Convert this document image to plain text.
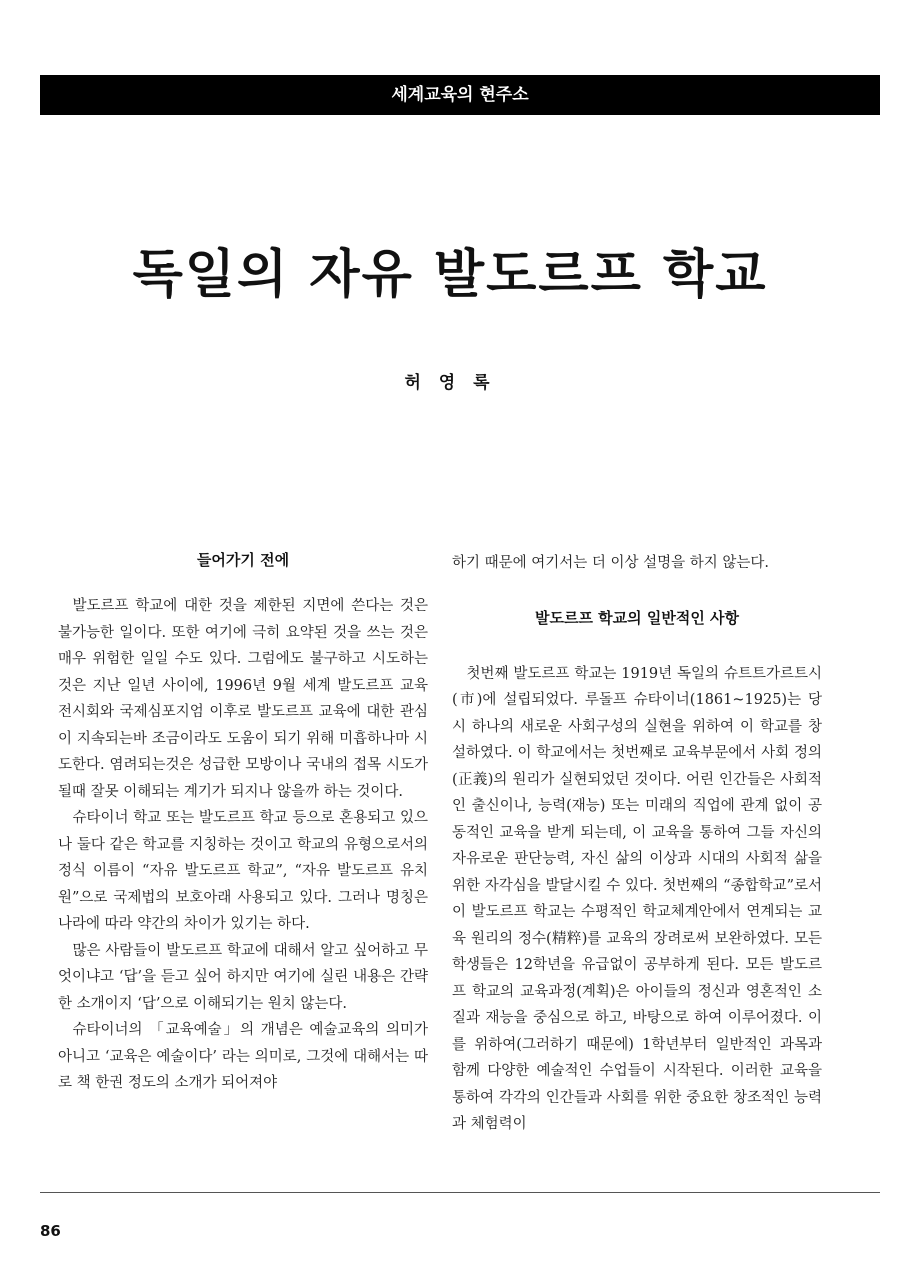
세계교육의 현주소
독일의 자유 발도르프 학교
허 영 록
들어가기 전에

발도르프 학교에 대한 것을 제한된 지면에 쓴다는 것은 불가능한 일이다. 또한 여기에 극히 요약된 것을 쓰는 것은 매우 위험한 일일 수도 있다. 그럼에도 불구하고 시도하는 것은 지난 일년 사이에, 1996년 9월 세계 발도르프 교육 전시회와 국제심포지엄 이후로 발도르프 교육에 대한 관심이 지속되는바 조금이라도 도움이 되기 위해 미흡하나마 시도한다. 염려되는것은 성급한 모방이나 국내의 접목 시도가 될때 잘못 이해되는 계기가 되지나 않을까 하는 것이다.

슈타이너 학교 또는 발도르프 학교 등으로 혼용되고 있으나 둘다 같은 학교를 지칭하는 것이고 학교의 유형으로서의 정식 이름이 “자유 발도르프 학교”, “자유 발도르프 유치원”으로 국제법의 보호아래 사용되고 있다. 그러나 명칭은 나라에 따라 약간의 차이가 있기는 하다.

많은 사람들이 발도르프 학교에 대해서 알고 싶어하고 무엇이냐고 ‘답’을 듣고 싶어 하지만 여기에 실린 내용은 간략한 소개이지 ‘답’으로 이해되기는 원치 않는다.

슈타이너의 「교육예술」의 개념은 예술교육의 의미가 아니고 ‘교육은 예술이다’ 라는 의미로, 그것에 대해서는 따로 책 한권 정도의 소개가 되어져야

하기 때문에 여기서는 더 이상 설명을 하지 않는다.

발도르프 학교의 일반적인 사항

첫번째 발도르프 학교는 1919년 독일의 슈트트가르트시(市)에 설립되었다. 루돌프 슈타이너(1861~1925)는 당시 하나의 새로운 사회구성의 실현을 위하여 이 학교를 창설하였다. 이 학교에서는 첫번째로 교육부문에서 사회 정의(正義)의 원리가 실현되었던 것이다. 어린 인간들은 사회적인 출신이나, 능력(재능) 또는 미래의 직업에 관계 없이 공동적인 교육을 받게 되는데, 이 교육을 통하여 그들 자신의 자유로운 판단능력, 자신 삶의 이상과 시대의 사회적 삶을 위한 자각심을 발달시킬 수 있다. 첫번째의 “종합학교”로서 이 발도르프 학교는 수평적인 학교체계안에서 연계되는 교육 원리의 정수(精粹)를 교육의 장려로써 보완하였다. 모든 학생들은 12학년을 유급없이 공부하게 된다. 모든 발도르프 학교의 교육과정(계획)은 아이들의 정신과 영혼적인 소질과 재능을 중심으로 하고, 바탕으로 하여 이루어졌다. 이를 위하여(그러하기 때문에) 1학년부터 일반적인 과목과 함께 다양한 예술적인 수업들이 시작된다. 이러한 교육을 통하여 각각의 인간들과 사회를 위한 중요한 창조적인 능력과 체험력이

86
